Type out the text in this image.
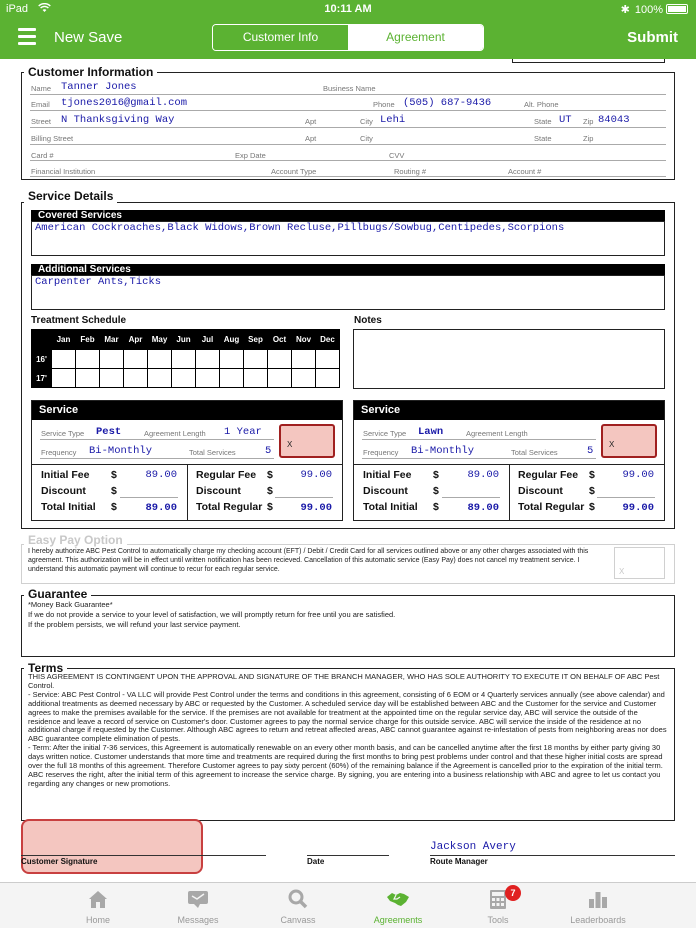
iPad	10:11 AM	✱ 100%
New Save	Customer Info	Agreement	Submit
Customer Information
Name Tanner Jones	Business Name
Email tjones2016@gmail.com	Phone (505) 687-9436	Alt. Phone
Street N Thanksgiving Way	Apt	City Lehi	State UT Zip 84043
Billing Street	Apt	City	State	Zip
Card #	Exp Date	CVV
Financial Institution	Account Type	Routing #	Account #
Service Details
Covered Services
American Cockroaches,Black Widows,Brown Recluse,Pillbugs/Sowbug,Centipedes,Scorpions
Additional Services
Carpenter Ants,Ticks
Treatment Schedule
	Jan	Feb	Mar	Apr	May	Jun	Jul	Aug	Sep	Oct	Nov	Dec
16'												
17'												
Notes
Service
Service Type Pest	Agreement Length 1 Year
Frequency Bi-Monthly	Total Services	5
X
Initial Fee $	89.00
Discount $
Total Initial $	89.00
Regular Fee $	99.00
Discount $
Total Regular $	99.00
Service
Service Type Lawn	Agreement Length
Frequency Bi-Monthly	Total Services	5
X
Initial Fee $	89.00
Discount $
Total Initial $	89.00
Regular Fee $	99.00
Discount $
Total Regular $	99.00
Easy Pay Option
I hereby authorize ABC Pest Control to automatically charge my checking account (EFT) / Debit / Credit Card for all services outlined above or any other charges associated with this agreement. This authorization will be in effect until written notification has been recieved. Cancellation of this automatic service (Easy Pay) does not cancel my treatment service. I understand this automatic payment will continue to recur for each regular service.	X
Guarantee
*Money Back Guarantee*
If we do not provide a service to your level of satisfaction, we will promptly return for free until you are satisfied.
If the problem persists, we will refund your last service payment.
Terms
THIS AGREEMENT IS CONTINGENT UPON THE APPROVAL AND SIGNATURE OF THE BRANCH MANAGER, WHO HAS SOLE AUTHORITY TO EXECUTE IT ON BEHALF OF ABC Pest Control.
- Service: ABC Pest Control - VA LLC will provide Pest Control under the terms and conditions in this agreement, consisting of 6 EOM or 4 Quarterly services annually (see above calendar) and additional treatments as deemed necessary by ABC or requested by the Customer. A scheduled service day will be established between ABC and the Customer for the service and Customer agrees to make the premises available for the service. If the premises are not available for treatment at the appointed time on the regular service day, ABC will service the outside of the residence and leave a record of service on Customer's door. Customer agrees to pay the normal service charge for this outside service. ABC will service the inside of the residence at no additional charge if requested by the Customer. Although ABC agrees to return and retreat affected areas, ABC cannot guarantee against re-infestation of pests from neighboring areas nor does ABC guarantee complete elimination of pests.
- Term: After the initial 7-36 services, this Agreement is automatically renewable on an every other month basis, and can be cancelled anytime after the first 18 months by either party giving 30 days written notice. Customer understands that more time and treatments are required during the first months to bring pest problems under control and that these higher initial costs are spread over the full 18 months of this agreement. Therefore Customer agrees to pay sixty percent (60%) of the remaining balance if the Agreement is cancelled prior to the expiration of the initial term. ABC reserves the right, after the initial term of this agreement to increase the service charge. By signing, you are entering into a business relationship with ABC and agree to let us contact you regarding any changes or new promotions.
Customer Signature	Date
Jackson Avery
Route Manager
Home	Messages	Canvass	Agreements
7
Tools	Leaderboards
